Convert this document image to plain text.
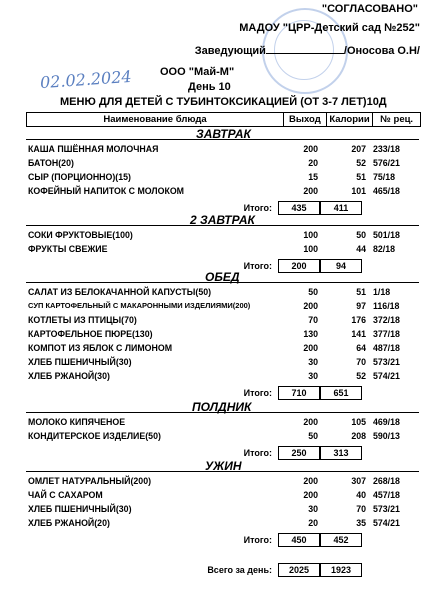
"СОГЛАСОВАНО"
МАДОУ "ЦРР-Детский сад №252"
Заведующий	/Оносова О.Н/
02.02.2024	ООО "Май-М"
День 10
МЕНЮ ДЛЯ ДЕТЕЙ С ТУБИНТОКСИКАЦИЕЙ (ОТ 3-7 ЛЕТ)10Д
Наименование блюда	Выход Калории	№ рец.
ЗАВТРАК
КАША ПШЁННАЯ МОЛОЧНАЯ	200	207 233/18
БАТОН(20)	20	52 576/21
СЫР (ПОРЦИОННО)(15)	15	51 75/18
КОФЕЙНЫЙ НАПИТОК С МОЛОКОМ	200	101 465/18
Итого:	435	411
2 ЗАВТРАК
СОКИ ФРУКТОВЫЕ(100)	100	50 501/18
ФРУКТЫ СВЕЖИЕ	100	44 82/18
Итого:	200	94
ОБЕД
САЛАТ ИЗ БЕЛОКАЧАННОЙ КАПУСТЫ(50)	50	51 1/18
СУП КАРТОФЕЛЬНЫЙ С МАКАРОННЫМИ ИЗДЕЛИЯМИ(200)	200	97 116/18
КОТЛЕТЫ ИЗ ПТИЦЫ(70)	70	176 372/18
КАРТОФЕЛЬНОЕ ПЮРЕ(130)	130	141 377/18
КОМПОТ ИЗ ЯБЛОК С ЛИМОНОМ	200	64 487/18
ХЛЕБ ПШЕНИЧНЫЙ(30)	30	70 573/21
ХЛЕБ РЖАНОЙ(30)	30	52 574/21
Итого:	710	651
ПОЛДНИК
МОЛОКО КИПЯЧЕНОЕ	200	105 469/18
КОНДИТЕРСКОЕ ИЗДЕЛИЕ(50)	50	208 590/13
Итого:	250	313
УЖИН
ОМЛЕТ НАТУРАЛЬНЫЙ(200)	200	307 268/18
ЧАЙ С САХАРОМ	200	40 457/18
ХЛЕБ ПШЕНИЧНЫЙ(30)	30	70 573/21
ХЛЕБ РЖАНОЙ(20)	20	35 574/21
Итого:	450	452
Всего за день:	2025	1923
